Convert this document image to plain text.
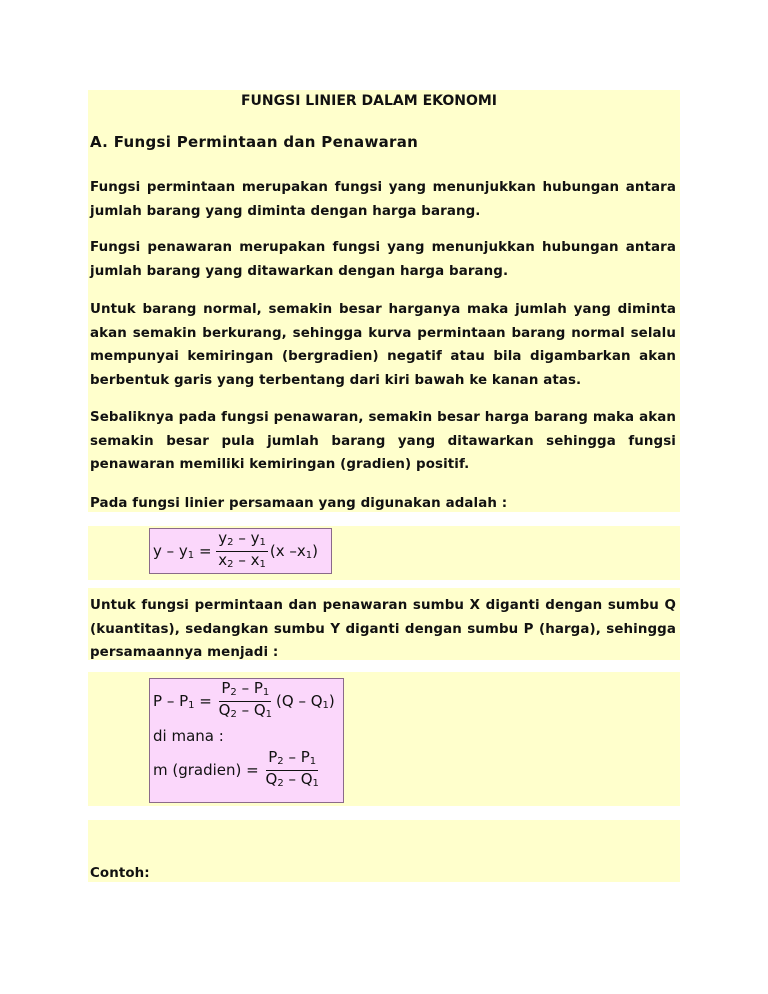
FUNGSI LINIER DALAM EKONOMI
A. Fungsi Permintaan dan Penawaran

Fungsi permintaan merupakan fungsi yang menunjukkan hubungan antara jumlah barang yang diminta dengan harga barang.

Fungsi penawaran merupakan fungsi yang menunjukkan hubungan antara jumlah barang yang ditawarkan dengan harga barang.

Untuk barang normal, semakin besar harganya maka jumlah yang diminta akan semakin berkurang, sehingga kurva permintaan barang normal selalu mempunyai kemiringan (bergradien) negatif atau bila digambarkan akan berbentuk garis yang terbentang dari kiri bawah ke kanan atas.

Sebaliknya pada fungsi penawaran, semakin besar harga barang maka akan semakin besar pula jumlah barang yang ditawarkan sehingga fungsi penawaran memiliki kemiringan (gradien) positif.

Pada fungsi linier persamaan yang digunakan adalah :

$y - y_1 = \frac{y_2 - y_1}{x_2 - x_1} (x$ $-x_1$)

Untuk fungsi permintaan dan penawaran sumbu X diganti dengan sumbu Q (kuantitas), sedangkan sumbu Y diganti dengan sumbu P (harga), sehingga persamaannya menjadi :

$P - P_1 = \frac{P_2 - P_1}{Q_2 - Q_1} (Q - Q_1)$
di mana :
m (gradien) = $\frac{P_2 - P_1}{Q_2 - Q_1}$

Contoh:
